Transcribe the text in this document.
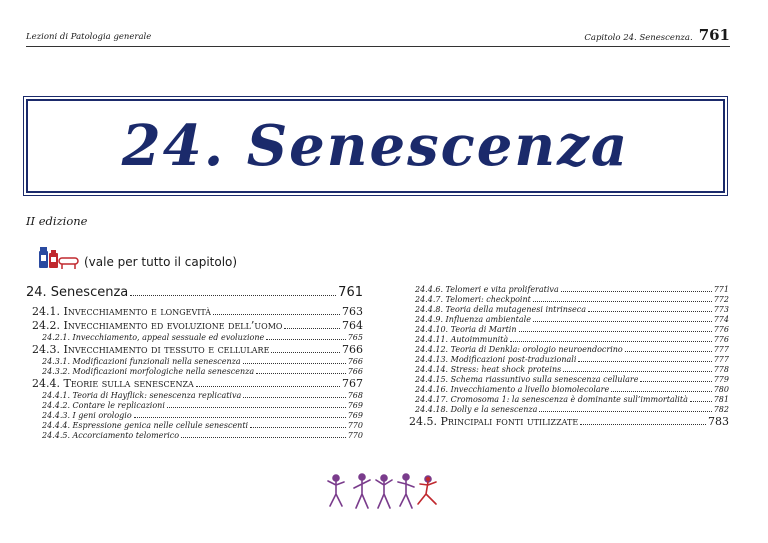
Lezioni di Patologia generale	Capitolo 24. Senescenza. 761
24. Senescenza
II edizione
(vale per tutto il capitolo)
24. Senescenza	761
24.1. Invecchiamento e longevità	763
24.2. Invecchiamento ed evoluzione dell’uomo	764
24.2.1. Invecchiamento, appeal sessuale ed evoluzione	765
24.3. Invecchiamento di tessuto e cellulare	766
24.3.1. Modificazioni funzionali nella senescenza	766
24.3.2. Modificazioni morfologiche nella senescenza	766
24.4. Teorie sulla senescenza	767
24.4.1. Teoria di Hayflick: senescenza replicativa	768
24.4.2. Contare le replicazioni	769
24.4.3. I geni orologio	769
24.4.4. Espressione genica nelle cellule senescenti	770
24.4.5. Accorciamento telomerico	770
24.4.6. Telomeri e vita proliferativa	771
24.4.7. Telomeri: checkpoint	772
24.4.8. Teoria della mutagenesi intrinseca	773
24.4.9. Influenza ambientale	774
24.4.10. Teoria di Martin	776
24.4.11. Autoimmunità	776
24.4.12. Teoria di Denkla: orologio neuroendocrino	777
24.4.13. Modificazioni post-traduzionali	777
24.4.14. Stress: heat shock proteins	778
24.4.15. Schema riassuntivo sulla senescenza cellulare	779
24.4.16. Invecchiamento a livello biomolecolare	780
24.4.17. Cromosoma 1: la senescenza è dominante sull’immortalità	781
24.4.18. Dolly e la senescenza	782
24.5. Principali fonti utilizzate	783
